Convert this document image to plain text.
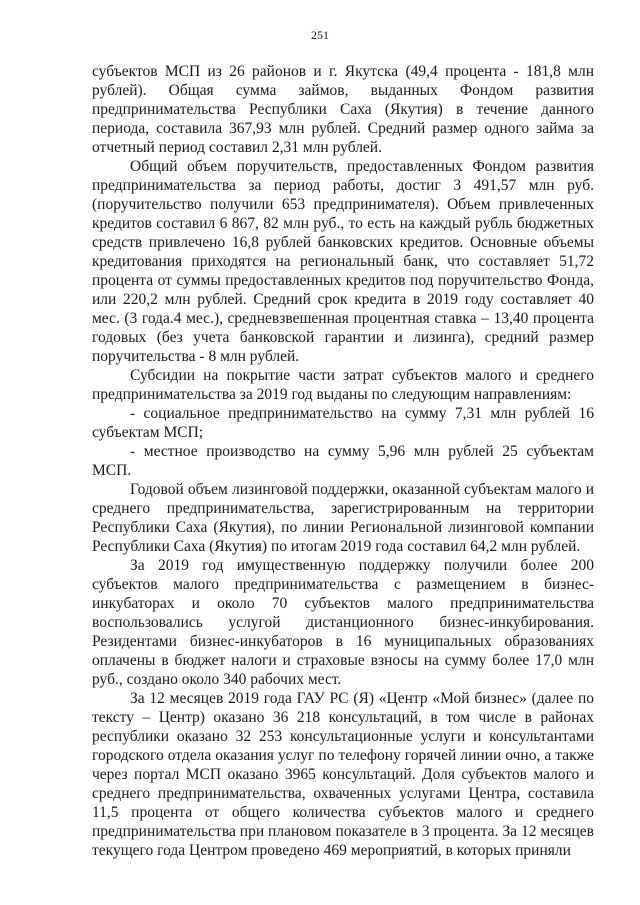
251

субъектов МСП из 26 районов и г. Якутска (49,4 процента - 181,8 млн рублей). Общая сумма займов, выданных Фондом развития предпринимательства Республики Саха (Якутия) в течение данного периода, составила 367,93 млн рублей. Средний размер одного займа за отчетный период составил 2,31 млн рублей.

Общий объем поручительств, предоставленных Фондом развития предпринимательства за период работы, достиг 3 491,57 млн руб. (поручительство получили 653 предпринимателя). Объем привлеченных кредитов составил 6 867, 82 млн руб., то есть на каждый рубль бюджетных средств привлечено 16,8 рублей банковских кредитов. Основные объемы кредитования приходятся на региональный банк, что составляет 51,72 процента от суммы предоставленных кредитов под поручительство Фонда, или 220,2 млн рублей. Средний срок кредита в 2019 году составляет 40 мес. (3 года.4 мес.), средневзвешенная процентная ставка – 13,40 процента годовых (без учета банковской гарантии и лизинга), средний размер поручительства - 8 млн рублей.

Субсидии на покрытие части затрат субъектов малого и среднего предпринимательства за 2019 год выданы по следующим направлениям:

- социальное предпринимательство на сумму 7,31 млн рублей 16 субъектам МСП;

- местное производство на сумму 5,96 млн рублей 25 субъектам МСП.

Годовой объем лизинговой поддержки, оказанной субъектам малого и среднего предпринимательства, зарегистрированным на территории Республики Саха (Якутия), по линии Региональной лизинговой компании Республики Саха (Якутия) по итогам 2019 года составил 64,2 млн рублей.

За 2019 год имущественную поддержку получили более 200 субъектов малого предпринимательства с размещением в бизнес-инкубаторах и около 70 субъектов малого предпринимательства воспользовались услугой дистанционного бизнес-инкубирования. Резидентами бизнес-инкубаторов в 16 муниципальных образованиях оплачены в бюджет налоги и страховые взносы на сумму более 17,0 млн руб., создано около 340 рабочих мест.

За 12 месяцев 2019 года ГАУ РС (Я) «Центр «Мой бизнес» (далее по тексту – Центр) оказано 36 218 консультаций, в том числе в районах республики оказано 32 253 консультационные услуги и консультантами городского отдела оказания услуг по телефону горячей линии очно, а также через портал МСП оказано 3965 консультаций. Доля субъектов малого и среднего предпринимательства, охваченных услугами Центра, составила 11,5 процента от общего количества субъектов малого и среднего предпринимательства при плановом показателе в 3 процента. За 12 месяцев текущего года Центром проведено 469 мероприятий, в которых приняли
